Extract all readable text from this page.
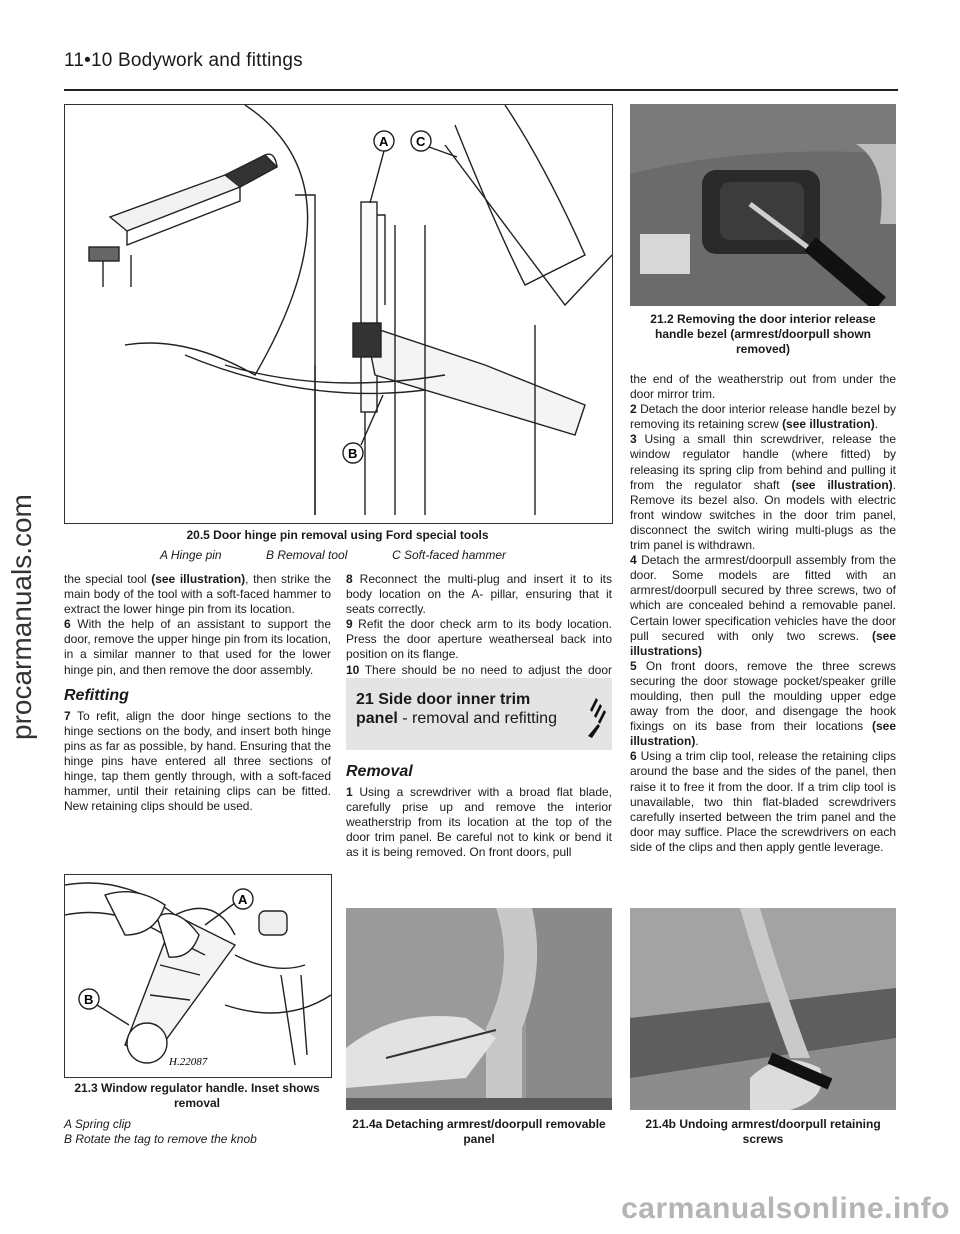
11•10 Bodywork and fittings
A C
B
20.5 Door hinge pin removal using Ford special tools
A Hinge pin	B Removal tool	C Soft-faced hammer
21.2 Removing the door interior release handle bezel (armrest/doorpull shown removed)

the special tool (see illustration), then strike the main body of the tool with a soft-faced hammer to extract the lower hinge pin from its location.

6 With the help of an assistant to support the door, remove the upper hinge pin from its location, in a similar manner to that used for the lower hinge pin, and then remove the door assembly.

Refitting

7 To refit, align the door hinge sections to the hinge sections on the body, and insert both hinge pins as far as possible, by hand. Ensuring that the hinge pins have entered all three sections of hinge, tap them gently through, with a soft-faced hammer, until their retaining clips can be fitted. New retaining clips should be used.

8 Reconnect the multi-plug and insert it to its body location on the A- pillar, ensuring that it seats correctly.

9 Refit the door check arm to its body location. Press the door aperture weatherseal back into position on its flange.

10 There should be no need to adjust the door

21 Side door inner trim panel - removal and refitting
Removal

1 Using a screwdriver with a broad flat blade, carefully prise up and remove the interior weatherstrip from its location at the top of the door trim panel. Be careful not to kink or bend it as it is being removed. On front doors, pull

the end of the weatherstrip out from under the door mirror trim.

2 Detach the door interior release handle bezel by removing its retaining screw (see illustration).

3 Using a small thin screwdriver, release the window regulator handle (where fitted) by releasing its spring clip from behind and pulling it from the regulator shaft (see illustration). Remove its bezel also. On models with electric front window switches in the door trim panel, disconnect the switch wiring multi-plugs as the trim panel is withdrawn.

4 Detach the armrest/doorpull assembly from the door. Some models are fitted with an armrest/doorpull secured by three screws, two of which are concealed behind a removable panel. Certain lower specification vehicles have the door pull secured with only two screws. (see illustrations)

5 On front doors, remove the three screws securing the door stowage pocket/speaker grille moulding, then pull the moulding upper edge away from the door, and disengage the hook fixings on its base from their locations (see illustration).

6 Using a trim clip tool, release the retaining clips around the base and the sides of the panel, then raise it to free it from the door. If a trim clip tool is unavailable, two thin flat-bladed screwdrivers carefully inserted between the trim panel and the door may suffice. Place the screwdrivers on each side of the clips and then apply gentle leverage.

A
B
H.22087
21.3 Window regulator handle. Inset shows removal
A Spring clip
B Rotate the tag to remove the knob
21.4a Detaching armrest/doorpull removable panel
21.4b Undoing armrest/doorpull retaining screws
procarmanuals.com
carmanualsonline.info
